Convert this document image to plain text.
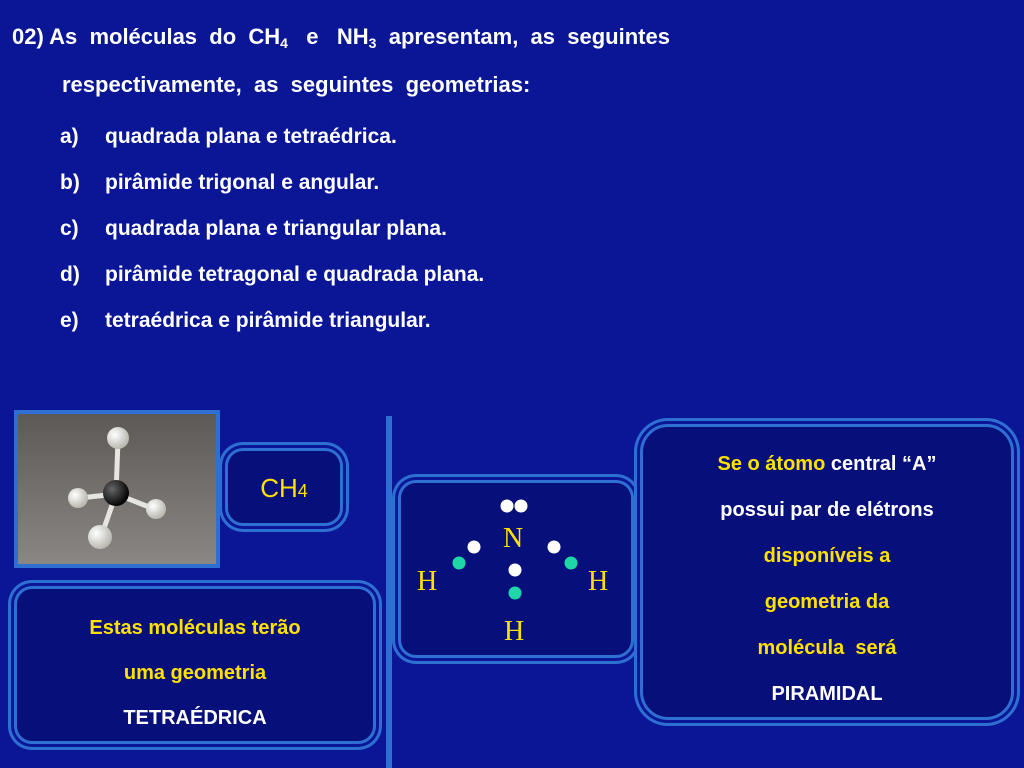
02) As  moléculas  do  $CH_4$ e $NH_3$ apresentam,  as  seguintes
respectivamente,  as  seguintes  geometrias:
a) quadrada plana e tetraédrica.
b) pirâmide trigonal e angular.
c) quadrada plana e triangular plana.
d) pirâmide tetragonal e quadrada plana.
e) tetraédrica e pirâmide triangular.
CH4
Estas moléculas terão
uma geometria
TETRAÉDRICA
N
H	H
H
Se o átomo central “A”
possui par de elétrons
disponíveis a
geometria da
molécula  será
PIRAMIDAL
